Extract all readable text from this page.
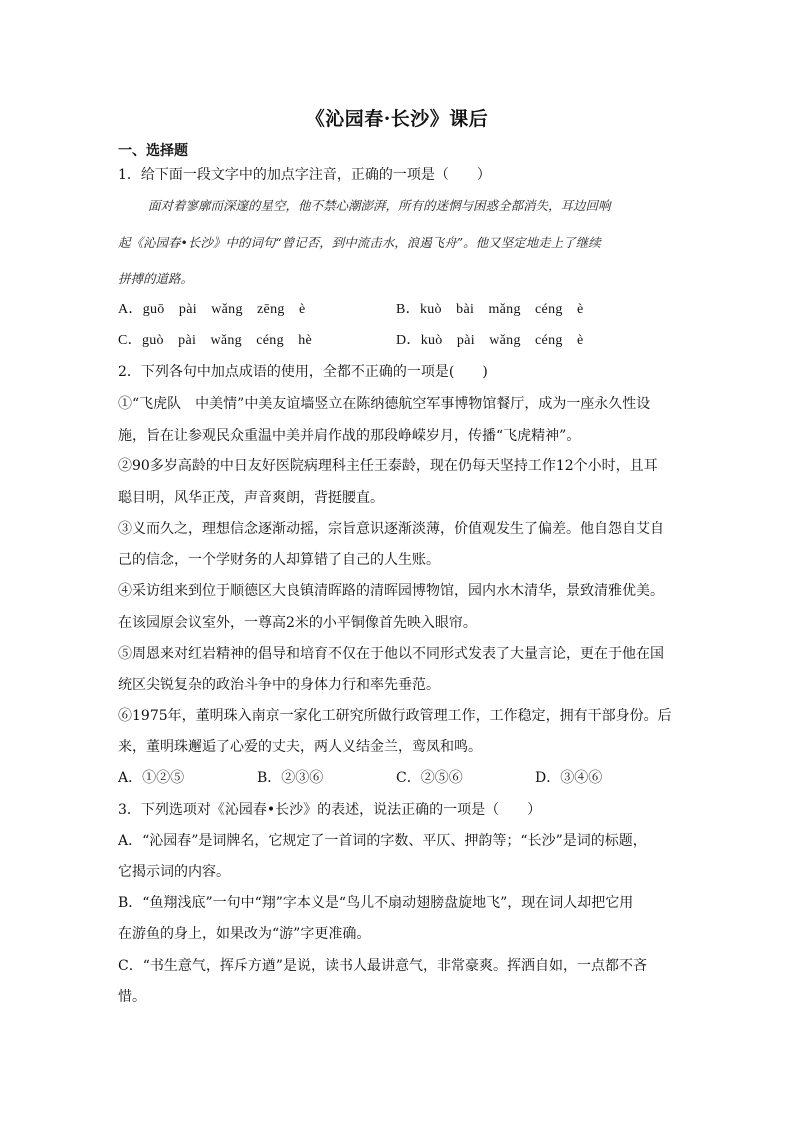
《沁园春·长沙》课后
一、选择题
1．给下面一段文字中的加点字注音，正确的一项是（　　）
面对着寥廓而深邃的星空，他不禁心潮澎湃，所有的迷惘与困惑全都消失，耳边回响
起《沁园春•长沙》中的词句“曾记否，到中流击水，浪遏飞舟”。他又坚定地走上了继续
拼搏的道路。
A．guō　pài　wǎng　zēng　è	B．kuò　bài　mǎng　céng　è
C．guò　pài　wǎng　céng　hè	D．kuò　pài　wǎng　céng　è
2．下列各句中加点成语的使用，全都不正确的一项是(　　)
①“飞虎队　中美情”中美友谊墙竖立在陈纳德航空军事博物馆餐厅，成为一座永久性设
施，旨在让参观民众重温中美并肩作战的那段峥嵘岁月，传播“飞虎精神”。
②90多岁高龄的中日友好医院病理科主任王泰龄，现在仍每天坚持工作12个小时，且耳
聪目明，风华正茂，声音爽朗，背挺腰直。
③义而久之，理想信念逐渐动摇，宗旨意识逐渐淡薄，价值观发生了偏差。他自怨自艾自
己的信念，一个学财务的人却算错了自己的人生账。
④采访组来到位于顺德区大良镇清晖路的清晖园博物馆，园内水木清华，景致清雅优美。
在该园原会议室外，一尊高2米的小平铜像首先映入眼帘。
⑤周恩来对红岩精神的倡导和培育不仅在于他以不同形式发表了大量言论，更在于他在国
统区尖锐复杂的政治斗争中的身体力行和率先垂范。
⑥1975年，董明珠入南京一家化工研究所做行政管理工作，工作稳定，拥有干部身份。后
来，董明珠邂逅了心爱的丈夫，两人义结金兰，鸾凤和鸣。
A．①②⑤	B．②③⑥	C．②⑤⑥	D．③④⑥
3．下列选项对《沁园春•长沙》的表述，说法正确的一项是（　　）
A．“沁园春”是词牌名，它规定了一首词的字数、平仄、押韵等；“长沙”是词的标题，
它揭示词的内容。
B．“鱼翔浅底”一句中“翔”字本义是“鸟儿不扇动翅膀盘旋地飞”，现在词人却把它用
在游鱼的身上，如果改为“游”字更准确。
C．“书生意气，挥斥方遒”是说，读书人最讲意气，非常豪爽。挥洒自如，一点都不吝
惜。
